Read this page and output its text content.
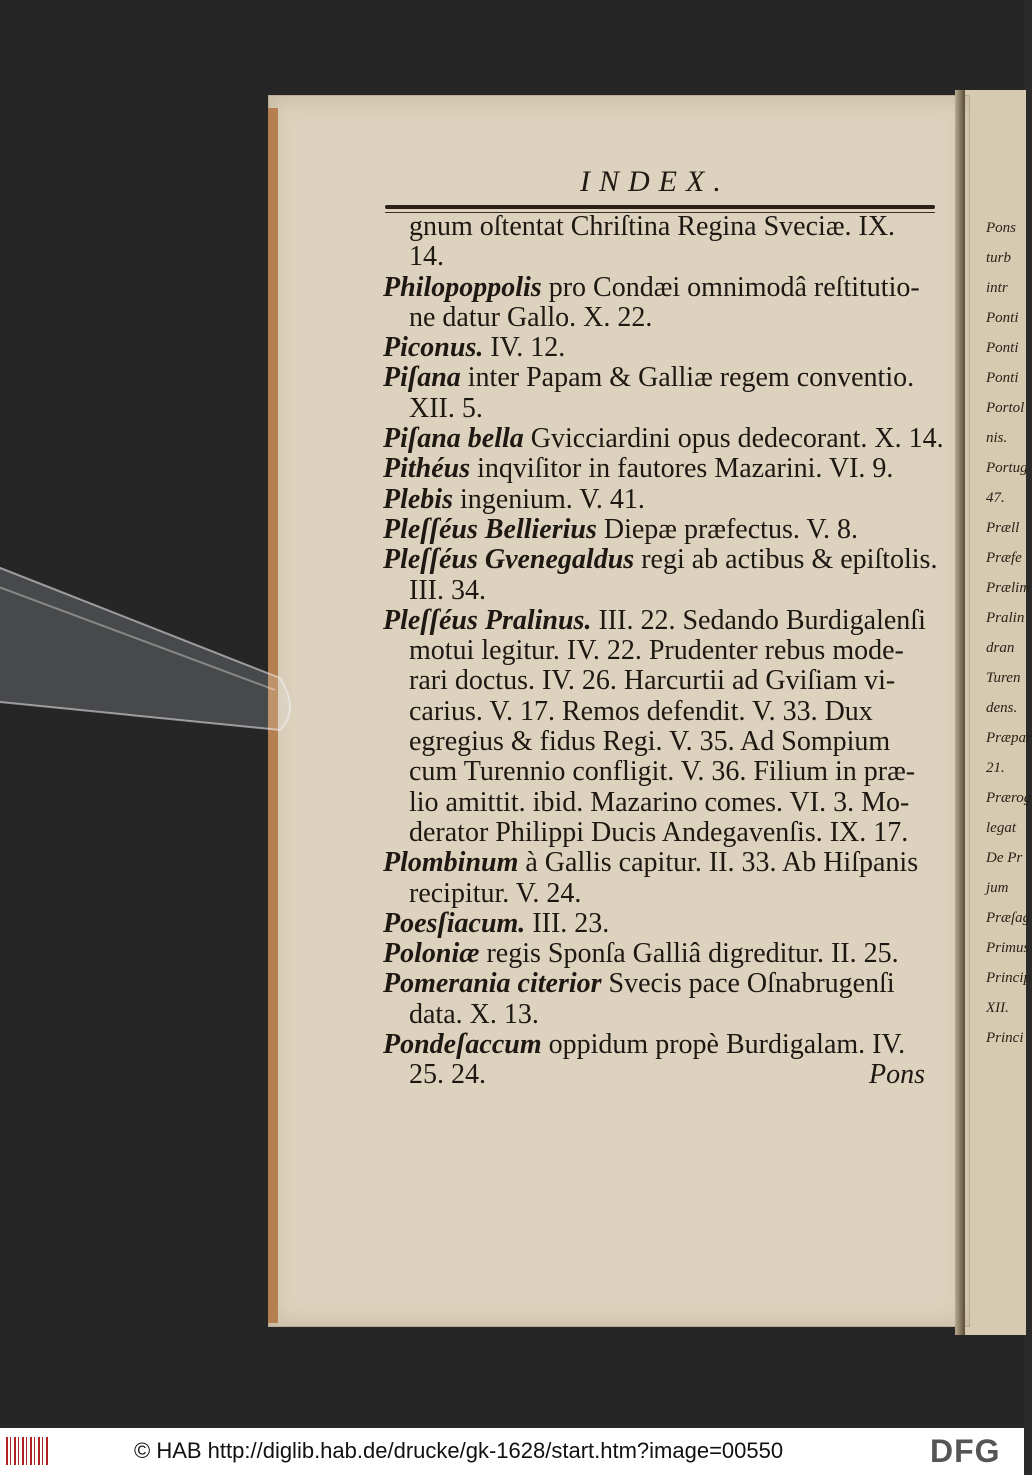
Pons
turb
intr
Ponti
Ponti
Ponti
Portol
nis.
Portug
47.
Præll
Præfe
Prælim
Pralin
dran
Turen
dens.
Præpar
21.
Prærog
legat
De Pr
jum
Præſag
Primus
Princip
XII.
Princi
INDEX.
gnum oſtentat Chriſtina Regina Sveciæ. IX.
14.
Philopoppolis pro Condæi omnimodâ reſtitutio-
ne datur Gallo. X. 22.
Piconus. IV. 12.
Piſana inter Papam & Galliæ regem conventio.
XII. 5.
Piſana bella Gvicciardini opus dedecorant. X. 14.
Pithéus inqviſitor in fautores Mazarini. VI. 9.
Plebis ingenium. V. 41.
Pleſſéus Bellierius Diepæ præfectus. V. 8.
Pleſſéus Gvenegaldus regi ab actibus & epiſtolis.
III. 34.
Pleſſéus Pralinus. III. 22. Sedando Burdigalenſi
motui legitur. IV. 22. Prudenter rebus mode-
rari doctus. IV. 26. Harcurtii ad Gviſiam vi-
carius. V. 17. Remos defendit. V. 33. Dux
egregius & fidus Regi. V. 35. Ad Sompium
cum Turennio confligit. V. 36. Filium in præ-
lio amittit. ibid. Mazarino comes. VI. 3. Mo-
derator Philippi Ducis Andegavenſis. IX. 17.
Plombinum à Gallis capitur. II. 33. Ab Hiſpanis
recipitur. V. 24.
Poesſiacum. III. 23.
Poloniæ regis Sponſa Galliâ digreditur. II. 25.
Pomerania citerior Svecis pace Oſnabrugenſi
data. X. 13.
Pondeſaccum oppidum propè Burdigalam. IV.
25. 24.	Pons
© HAB http://diglib.hab.de/drucke/gk-1628/start.htm?image=00550	DFG
